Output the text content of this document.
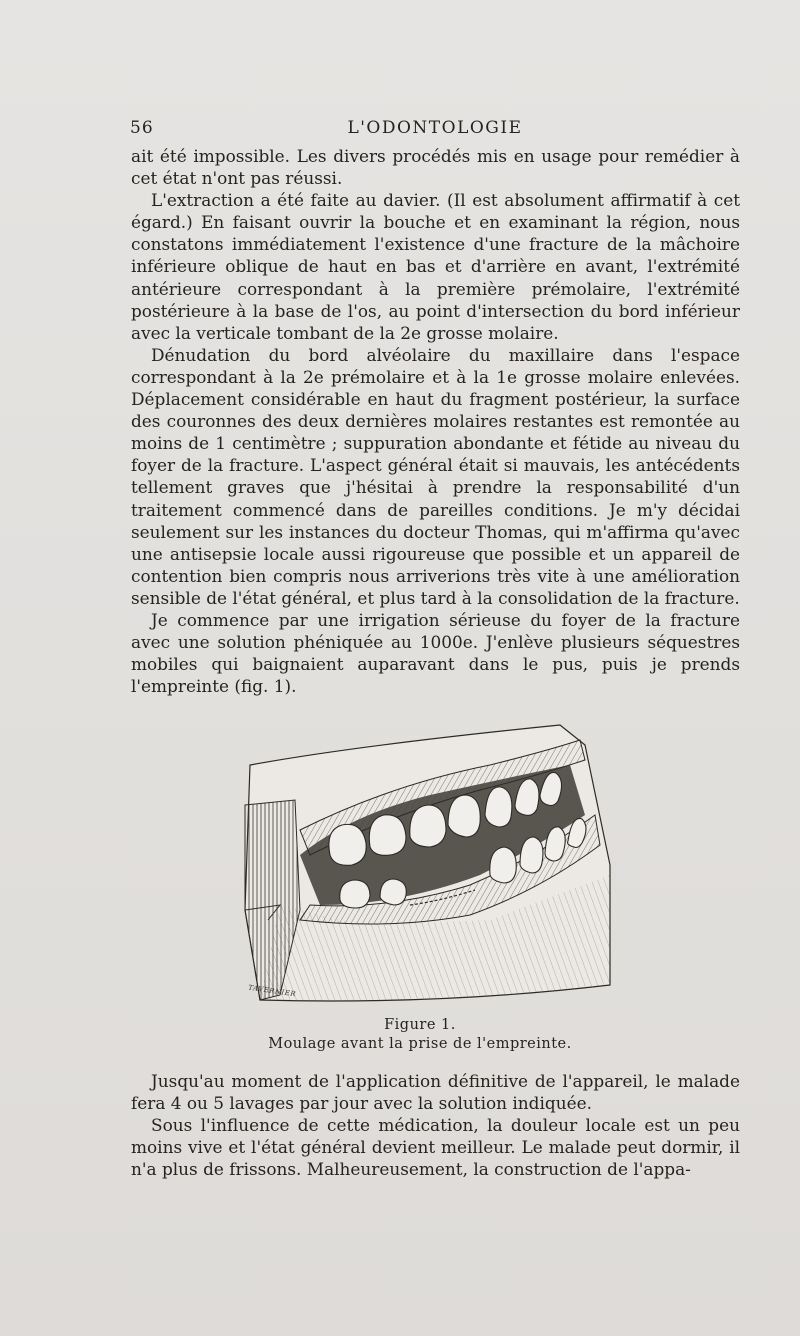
56	L'ODONTOLOGIE

ait été impossible. Les divers procédés mis en usage pour remédier à cet état n'ont pas réussi.

L'extraction a été faite au davier. (Il est absolument affirmatif à cet égard.) En faisant ouvrir la bouche et en examinant la région, nous constatons immédiatement l'existence d'une fracture de la mâchoire inférieure oblique de haut en bas et d'arrière en avant, l'extrémité antérieure correspondant à la première prémolaire, l'extrémité postérieure à la base de l'os, au point d'intersection du bord inférieur avec la verticale tombant de la 2e grosse molaire.

Dénudation du bord alvéolaire du maxillaire dans l'espace correspondant à la 2e prémolaire et à la 1e grosse molaire enlevées. Déplacement considérable en haut du fragment postérieur, la surface des couronnes des deux dernières molaires restantes est remontée au moins de 1 centimètre ; suppuration abondante et fétide au niveau du foyer de la fracture. L'aspect général était si mauvais, les antécédents tellement graves que j'hésitai à prendre la responsabilité d'un traitement commencé dans de pareilles conditions. Je m'y décidai seulement sur les instances du docteur Thomas, qui m'affirma qu'avec une antisepsie locale aussi rigoureuse que possible et un appareil de contention bien compris nous arriverions très vite à une amélioration sensible de l'état général, et plus tard à la consolidation de la fracture.

Je commence par une irrigation sérieuse du foyer de la fracture avec une solution phéniquée au 1000e. J'enlève plusieurs séquestres mobiles qui baignaient auparavant dans le pus, puis je prends l'empreinte (fig. 1).

TAVERNIER
Figure 1.
Moulage avant la prise de l'empreinte.

Jusqu'au moment de l'application définitive de l'appareil, le malade fera 4 ou 5 lavages par jour avec la solution indiquée.

Sous l'influence de cette médication, la douleur locale est un peu moins vive et l'état général devient meilleur. Le malade peut dormir, il n'a plus de frissons. Malheureusement, la construction de l'appa-
